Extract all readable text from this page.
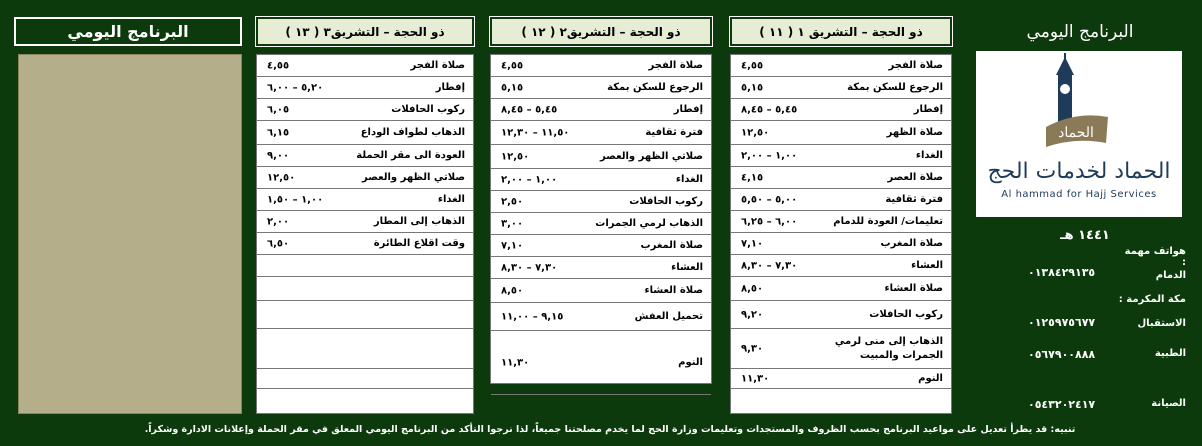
البرنامج اليومي	( ١١ ) ذو الحجة – التشريق ١
صلاة الفجر
٤,٥٥
الرجوع للسكن بمكة
٥,١٥
إفطار
٥,٤٥ – ٨,٤٥
صلاة الظهر
١٢,٥٠
الغداء
١,٠٠ – ٢,٠٠
صلاة العصر
٤,١٥
فترة ثقافية
٥,٠٠ – ٥,٥٠
تعليمات/ العودة للدمام
٦,٠٠ – ٦,٢٥
صلاة المغرب
٧,١٠
العشاء
٧,٣٠ – ٨,٣٠
صلاة العشاء
٨,٥٠
ركوب الحافلات
٩,٢٠
الذهاب إلى منى لرمي الجمرات والمبيت
٩,٣٠
النوم
١١,٣٠
( ١٢ ) ذو الحجة – التشريق٢
صلاة الفجر
٤,٥٥
الرجوع للسكن بمكة
٥,١٥
إفطار
٥,٤٥ – ٨,٤٥
فترة ثقافية
١١,٥٠ – ١٢,٣٠
صلاتي الظهر والعصر
١٢,٥٠
الغداء
١,٠٠ – ٢,٠٠
ركوب الحافلات
٢,٥٠
الذهاب لرمي الجمرات
٣,٠٠
صلاة المغرب
٧,١٠
العشاء
٧,٣٠ – ٨,٣٠
صلاة العشاء
٨,٥٠
تحميل العفش
٩,١٥ – ١١,٠٠
النوم
١١,٣٠
( ١٣ ) ذو الحجة – التشريق٣
صلاة الفجر
٤,٥٥
إفطار
٥,٢٠ – ٦,٠٠
ركوب الحافلات
٦,٠٥
الذهاب لطواف الوداع
٦,١٥
العودة الى مقر الحملة
٩,٠٠
صلاتي الظهر والعصر
١٢,٥٠
الغداء
١,٠٠ – ١,٥٠
الذهاب إلى المطار
٢,٠٠
وقت اقلاع الطائرة
٦,٥٠
البرنامج اليومي
الحماد
الحماد لخدمات الحج
Al hammad for Hajj Services
١٤٤١ هـ
هواتف مهمة :
الدمام
٠١٣٨٤٢٩١٣٥
مكة المكرمة :
الاستقبال
٠١٢٥٩٧٥٦٧٧
الطبية
٠٥٦٧٩٠٠٨٨٨
الصيانة
٠٥٤٣٢٠٢٤١٧
تنبيه: قد يطرأ تعديل على مواعيد البرنامج بحسب الظروف والمستجدات وتعليمات وزارة الحج لما يخدم مصلحتنا جميعاً، لذا نرجوا التأكد من البرنامج اليومي المعلق في مقر الحملة وإعلانات الادارة وشكراً.
